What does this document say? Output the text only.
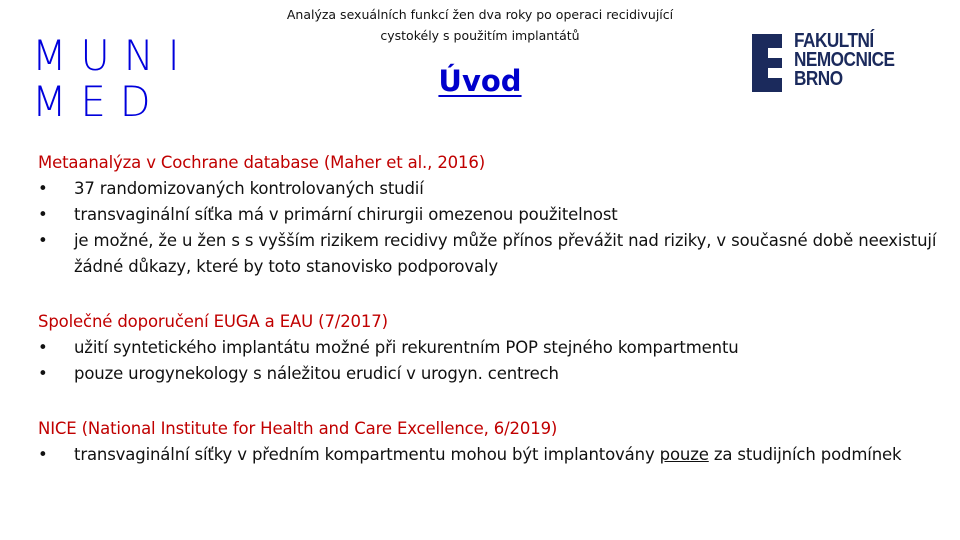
MUNI
MED
Analýza sexuálních funkcí žen dva roky po operaci recidivující
cystokély s použitím implantátů
Úvod
FAKULTNÍ
NEMOCNICE
BRNO
Metaanalýza v Cochrane database (Maher et al., 2016)
• 37 randomizovaných kontrolovaných studií
• transvaginální síťka má v primární chirurgii omezenou použitelnost
• je možné, že u žen s s vyšším rizikem recidivy může přínos převážit nad riziky, v současné době neexistují žádné důkazy, které by toto stanovisko podporovaly
Společné doporučení EUGA a EAU (7/2017)
• užití syntetického implantátu možné při rekurentním POP stejného kompartmentu
• pouze urogynekology s náležitou erudicí v urogyn. centrech
NICE (National Institute for Health and Care Excellence, 6/2019)
• transvaginální síťky v předním kompartmentu mohou být implantovány pouze za studijních podmínek
